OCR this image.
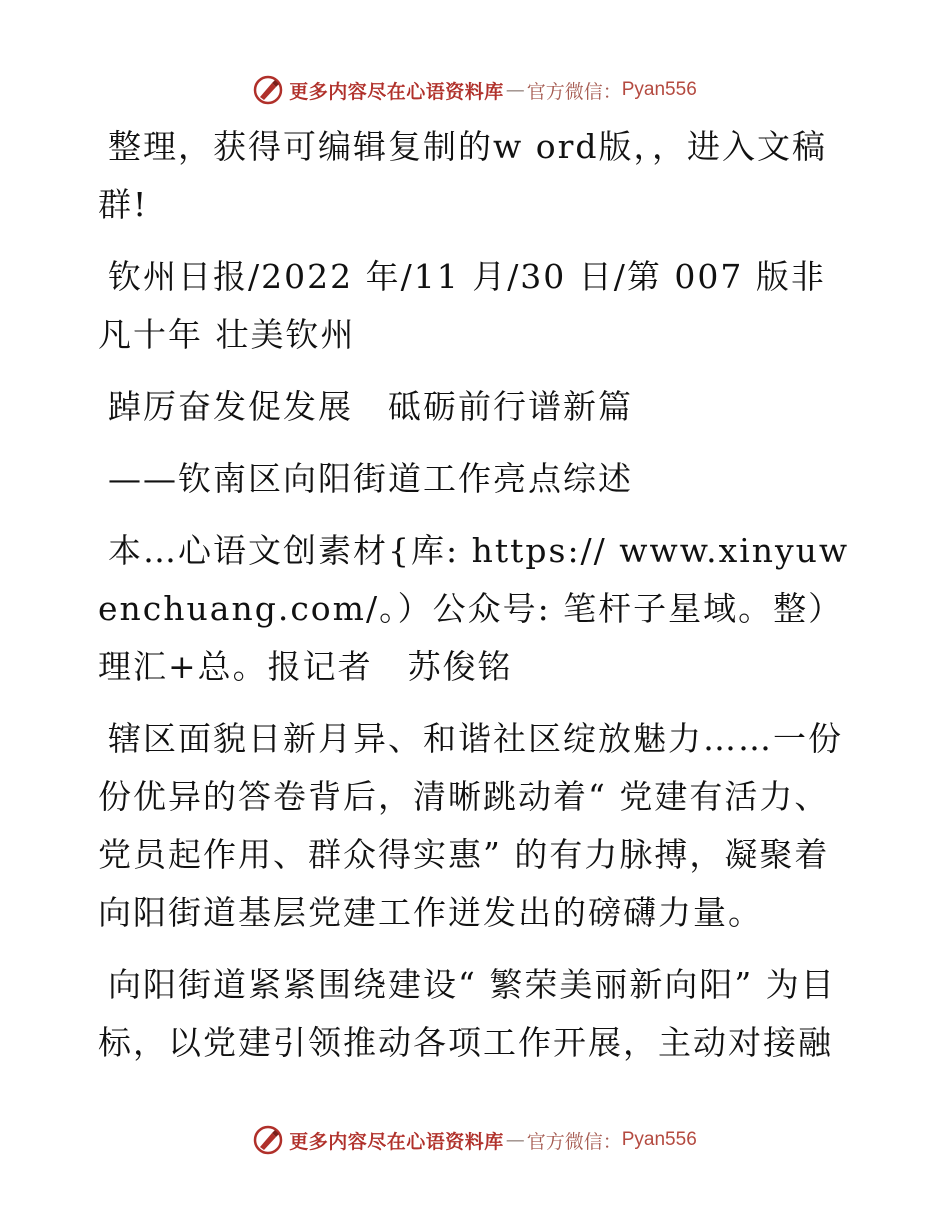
更多内容尽在心语资料库 — 官方微信： Pyan556

整理，获得可编辑复制的w ord版，，进入文稿群!

钦州日报/2022 年/11 月/30 日/第 007 版非凡十年 壮美钦州

踔厉奋发促发展　砥砺前行谱新篇

——钦南区向阳街道工作亮点综述

本…心语文创素材{库: https:// www.xinyuwenchuang.com/。）公众号: 笔杆子星域。整）理汇+总。报记者　苏俊铭

辖区面貌日新月异、和谐社区绽放魅力……一份份优异的答卷背后，清晰跳动着“ 党建有活力、党员起作用、群众得实惠” 的有力脉搏，凝聚着向阳街道基层党建工作迸发出的磅礴力量。

向阳街道紧紧围绕建设“ 繁荣美丽新向阳” 为目标，以党建引领推动各项工作开展，主动对接融

更多内容尽在心语资料库 — 官方微信： Pyan556
